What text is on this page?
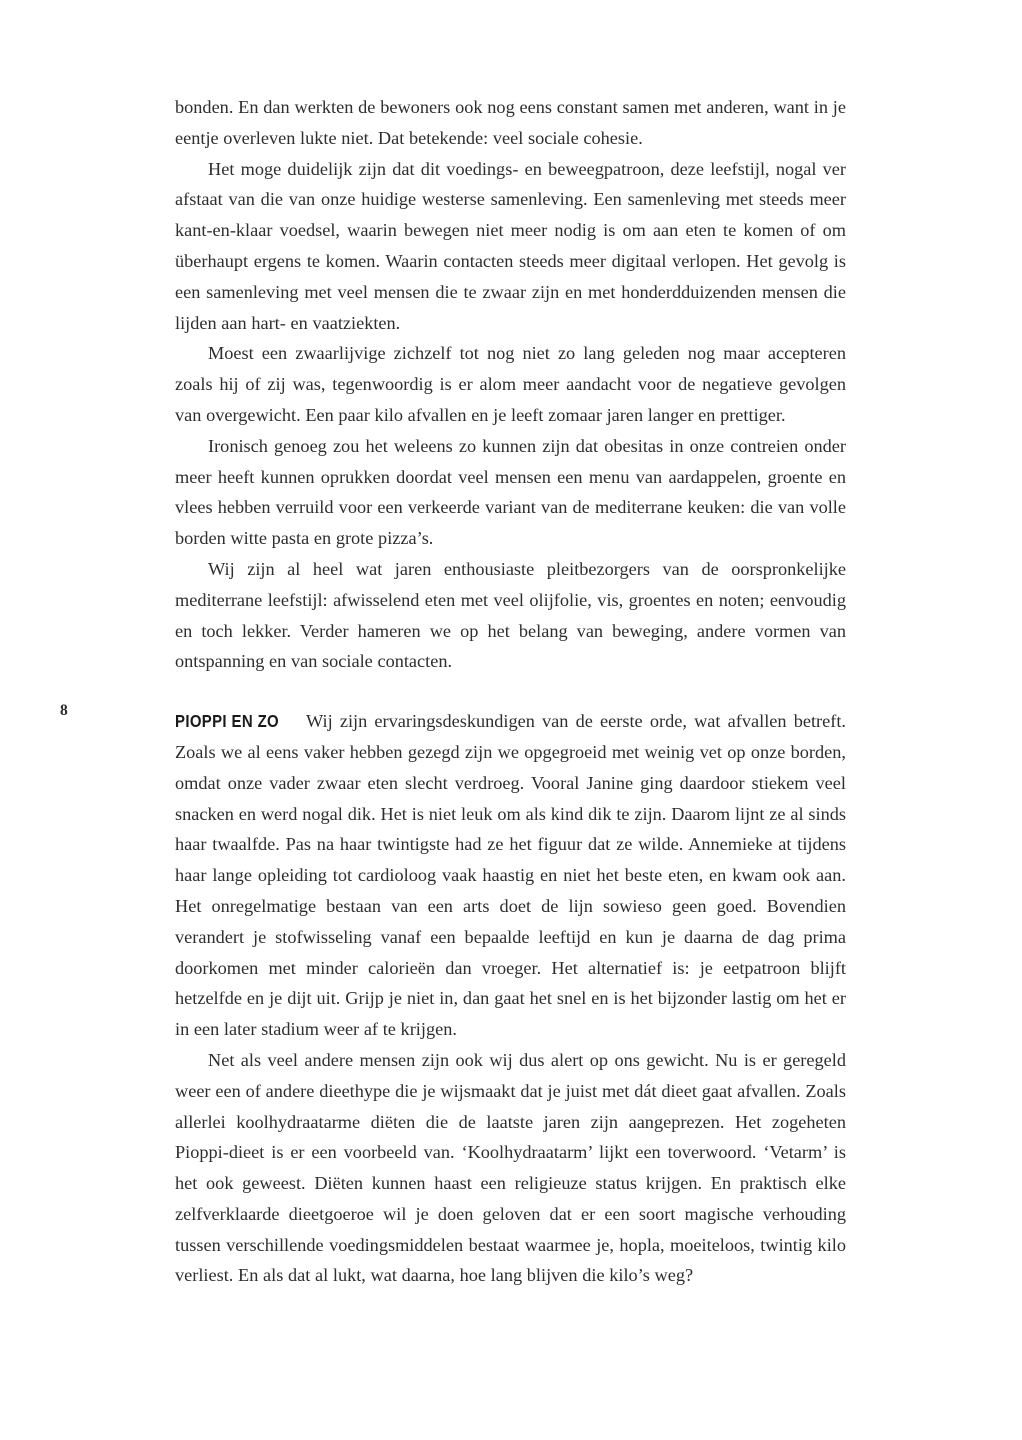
8

bonden. En dan werkten de bewoners ook nog eens constant samen met anderen, want in je eentje overleven lukte niet. Dat betekende: veel sociale cohesie.

Het moge duidelijk zijn dat dit voedings- en beweegpatroon, deze leefstijl, nogal ver afstaat van die van onze huidige westerse samenleving. Een samenleving met steeds meer kant-en-klaar voedsel, waarin bewegen niet meer nodig is om aan eten te komen of om überhaupt ergens te komen. Waarin contacten steeds meer digitaal verlopen. Het gevolg is een samenleving met veel mensen die te zwaar zijn en met honderdduizenden mensen die lijden aan hart- en vaatziekten.

Moest een zwaarlijvige zichzelf tot nog niet zo lang geleden nog maar accepteren zoals hij of zij was, tegenwoordig is er alom meer aandacht voor de negatieve gevolgen van overgewicht. Een paar kilo afvallen en je leeft zomaar jaren langer en prettiger.

Ironisch genoeg zou het weleens zo kunnen zijn dat obesitas in onze contreien onder meer heeft kunnen oprukken doordat veel mensen een menu van aardappelen, groente en vlees hebben verruild voor een verkeerde variant van de mediterrane keuken: die van volle borden witte pasta en grote pizza’s.

Wij zijn al heel wat jaren enthousiaste pleitbezorgers van de oorspronkelijke mediterrane leefstijl: afwisselend eten met veel olijfolie, vis, groentes en noten; eenvoudig en toch lekker. Verder hameren we op het belang van beweging, andere vormen van ontspanning en van sociale contacten.

PIOPPI EN ZO Wij zijn ervaringsdeskundigen van de eerste orde, wat afvallen betreft. Zoals we al eens vaker hebben gezegd zijn we opgegroeid met weinig vet op onze borden, omdat onze vader zwaar eten slecht verdroeg. Vooral Janine ging daardoor stiekem veel snacken en werd nogal dik. Het is niet leuk om als kind dik te zijn. Daarom lijnt ze al sinds haar twaalfde. Pas na haar twintigste had ze het figuur dat ze wilde. Annemieke at tijdens haar lange opleiding tot cardioloog vaak haastig en niet het beste eten, en kwam ook aan. Het onregelmatige bestaan van een arts doet de lijn sowieso geen goed. Bovendien verandert je stofwisseling vanaf een bepaalde leeftijd en kun je daarna de dag prima doorkomen met minder calorieën dan vroeger. Het alternatief is: je eetpatroon blijft hetzelfde en je dijt uit. Grijp je niet in, dan gaat het snel en is het bijzonder lastig om het er in een later stadium weer af te krijgen.

Net als veel andere mensen zijn ook wij dus alert op ons gewicht. Nu is er geregeld weer een of andere dieethype die je wijsmaakt dat je juist met dát dieet gaat afvallen. Zoals allerlei koolhydraatarme diëten die de laatste jaren zijn aangeprezen. Het zogeheten Pioppi-dieet is er een voorbeeld van. ‘Koolhydraatarm’ lijkt een toverwoord. ‘Vetarm’ is het ook geweest. Diëten kunnen haast een religieuze status krijgen. En praktisch elke zelfverklaarde dieetgoeroe wil je doen geloven dat er een soort magische verhouding tussen verschillende voedingsmiddelen bestaat waarmee je, hopla, moeiteloos, twintig kilo verliest. En als dat al lukt, wat daarna, hoe lang blijven die kilo’s weg?
